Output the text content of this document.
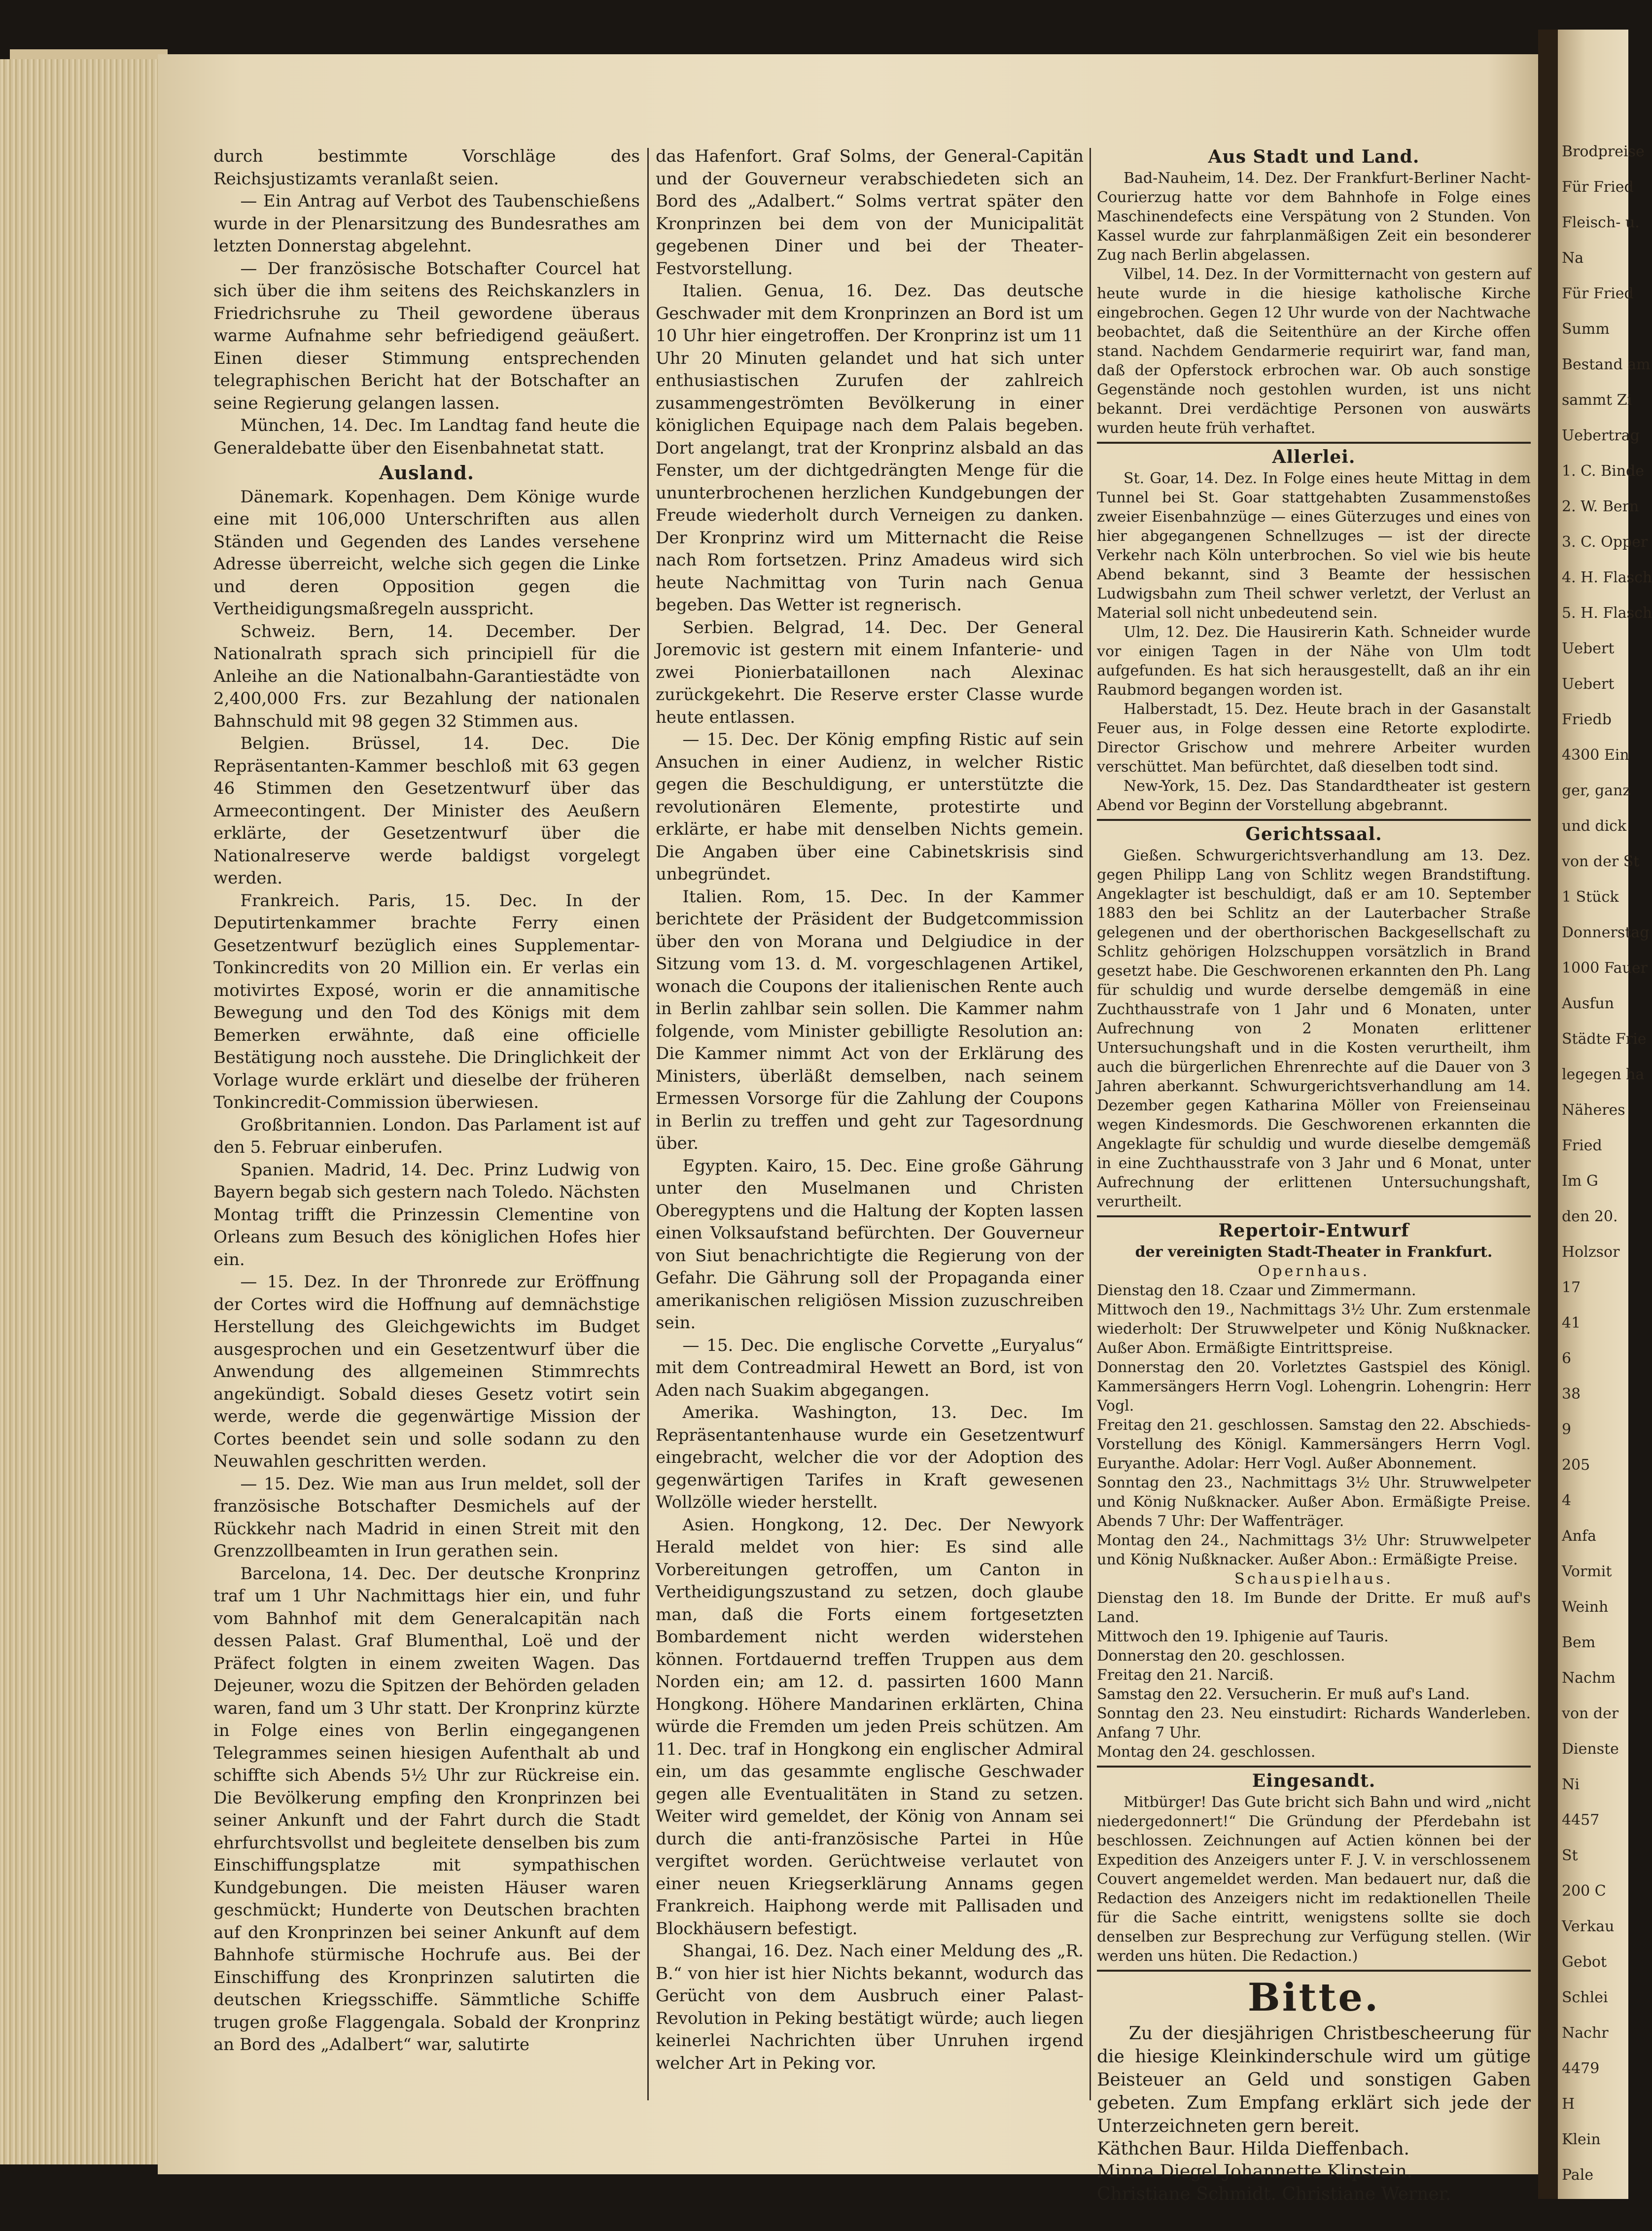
Brodpreise
Für Fried
Fleisch- u.
Na
Für Fried
Summ
Bestand am
sammt Zi
Uebertrag
1. C. Binde
2. W. Bern
3. C. Opper
4. H. Flasch
5. H. Flasch
Uebert
Uebert
Friedb
4300 Ein
ger, ganz
und dick
von der St
1 Stück
Donnerstag
1000 Fauer
Ausfun
Städte Frie
legegen ha
Näheres
Fried
Im G
den 20.
Holzsor
17
41
6
38
9
205
4
Anfa
Vormit
Weinh
Bem
Nachm
von der
Dienste
Ni
4457
St
200 C
Verkau
Gebot
Schlei
Nachr
4479
H
Klein
Pale

durch bestimmte Vorschläge des Reichsjustizamts veranlaßt seien.

— Ein Antrag auf Verbot des Taubenschießens wurde in der Plenarsitzung des Bundesrathes am letzten Donnerstag abgelehnt.

— Der französische Botschafter Courcel hat sich über die ihm seitens des Reichskanzlers in Friedrichsruhe zu Theil gewordene überaus warme Aufnahme sehr befriedigend geäußert. Einen dieser Stimmung entsprechenden telegraphischen Bericht hat der Botschafter an seine Regierung gelangen lassen.

München, 14. Dec. Im Landtag fand heute die Generaldebatte über den Eisenbahnetat statt.

Ausland.

Dänemark. Kopenhagen. Dem Könige wurde eine mit 106,000 Unterschriften aus allen Ständen und Gegenden des Landes versehene Adresse überreicht, welche sich gegen die Linke und deren Opposition gegen die Vertheidigungsmaßregeln ausspricht.

Schweiz. Bern, 14. December. Der Nationalrath sprach sich principiell für die Anleihe an die Nationalbahn-Garantiestädte von 2,400,000 Frs. zur Bezahlung der nationalen Bahnschuld mit 98 gegen 32 Stimmen aus.

Belgien. Brüssel, 14. Dec. Die Repräsentanten-Kammer beschloß mit 63 gegen 46 Stimmen den Gesetzentwurf über das Armeecontingent. Der Minister des Aeußern erklärte, der Gesetzentwurf über die Nationalreserve werde baldigst vorgelegt werden.

Frankreich. Paris, 15. Dec. In der Deputirtenkammer brachte Ferry einen Gesetzentwurf bezüglich eines Supplementar-Tonkincredits von 20 Million ein. Er verlas ein motivirtes Exposé, worin er die annamitische Bewegung und den Tod des Königs mit dem Bemerken erwähnte, daß eine officielle Bestätigung noch ausstehe. Die Dringlichkeit der Vorlage wurde erklärt und dieselbe der früheren Tonkincredit-Commission überwiesen.

Großbritannien. London. Das Parlament ist auf den 5. Februar einberufen.

Spanien. Madrid, 14. Dec. Prinz Ludwig von Bayern begab sich gestern nach Toledo. Nächsten Montag trifft die Prinzessin Clementine von Orleans zum Besuch des königlichen Hofes hier ein.

— 15. Dez. In der Thronrede zur Eröffnung der Cortes wird die Hoffnung auf demnächstige Herstellung des Gleichgewichts im Budget ausgesprochen und ein Gesetzentwurf über die Anwendung des allgemeinen Stimmrechts angekündigt. Sobald dieses Gesetz votirt sein werde, werde die gegenwärtige Mission der Cortes beendet sein und solle sodann zu den Neuwahlen geschritten werden.

— 15. Dez. Wie man aus Irun meldet, soll der französische Botschafter Desmichels auf der Rückkehr nach Madrid in einen Streit mit den Grenzzollbeamten in Irun gerathen sein.

Barcelona, 14. Dec. Der deutsche Kronprinz traf um 1 Uhr Nachmittags hier ein, und fuhr vom Bahnhof mit dem Generalcapitän nach dessen Palast. Graf Blumenthal, Loë und der Präfect folgten in einem zweiten Wagen. Das Dejeuner, wozu die Spitzen der Behörden geladen waren, fand um 3 Uhr statt. Der Kronprinz kürzte in Folge eines von Berlin eingegangenen Telegrammes seinen hiesigen Aufenthalt ab und schiffte sich Abends 5½ Uhr zur Rückreise ein. Die Bevölkerung empfing den Kronprinzen bei seiner Ankunft und der Fahrt durch die Stadt ehrfurchtsvollst und begleitete denselben bis zum Einschiffungsplatze mit sympathischen Kundgebungen. Die meisten Häuser waren geschmückt; Hunderte von Deutschen brachten auf den Kronprinzen bei seiner Ankunft auf dem Bahnhofe stürmische Hochrufe aus. Bei der Einschiffung des Kronprinzen salutirten die deutschen Kriegsschiffe. Sämmtliche Schiffe trugen große Flaggengala. Sobald der Kronprinz an Bord des „Adalbert“ war, salutirte

das Hafenfort. Graf Solms, der General-Capitän und der Gouverneur verabschiedeten sich an Bord des „Adalbert.“ Solms vertrat später den Kronprinzen bei dem von der Municipalität gegebenen Diner und bei der Theater-Festvorstellung.

Italien. Genua, 16. Dez. Das deutsche Geschwader mit dem Kronprinzen an Bord ist um 10 Uhr hier eingetroffen. Der Kronprinz ist um 11 Uhr 20 Minuten gelandet und hat sich unter enthusiastischen Zurufen der zahlreich zusammengeströmten Bevölkerung in einer königlichen Equipage nach dem Palais begeben. Dort angelangt, trat der Kronprinz alsbald an das Fenster, um der dichtgedrängten Menge für die ununterbrochenen herzlichen Kundgebungen der Freude wiederholt durch Verneigen zu danken. Der Kronprinz wird um Mitternacht die Reise nach Rom fortsetzen. Prinz Amadeus wird sich heute Nachmittag von Turin nach Genua begeben. Das Wetter ist regnerisch.

Serbien. Belgrad, 14. Dec. Der General Joremovic ist gestern mit einem Infanterie- und zwei Pionierbataillonen nach Alexinac zurückgekehrt. Die Reserve erster Classe wurde heute entlassen.

— 15. Dec. Der König empfing Ristic auf sein Ansuchen in einer Audienz, in welcher Ristic gegen die Beschuldigung, er unterstützte die revolutionären Elemente, protestirte und erklärte, er habe mit denselben Nichts gemein. Die Angaben über eine Cabinetskrisis sind unbegründet.

Italien. Rom, 15. Dec. In der Kammer berichtete der Präsident der Budgetcommission über den von Morana und Delgiudice in der Sitzung vom 13. d. M. vorgeschlagenen Artikel, wonach die Coupons der italienischen Rente auch in Berlin zahlbar sein sollen. Die Kammer nahm folgende, vom Minister gebilligte Resolution an: Die Kammer nimmt Act von der Erklärung des Ministers, überläßt demselben, nach seinem Ermessen Vorsorge für die Zahlung der Coupons in Berlin zu treffen und geht zur Tagesordnung über.

Egypten. Kairo, 15. Dec. Eine große Gährung unter den Muselmanen und Christen Oberegyptens und die Haltung der Kopten lassen einen Volksaufstand befürchten. Der Gouverneur von Siut benachrichtigte die Regierung von der Gefahr. Die Gährung soll der Propaganda einer amerikanischen religiösen Mission zuzuschreiben sein.

— 15. Dec. Die englische Corvette „Euryalus“ mit dem Contreadmiral Hewett an Bord, ist von Aden nach Suakim abgegangen.

Amerika. Washington, 13. Dec. Im Repräsentantenhause wurde ein Gesetzentwurf eingebracht, welcher die vor der Adoption des gegenwärtigen Tarifes in Kraft gewesenen Wollzölle wieder herstellt.

Asien. Hongkong, 12. Dec. Der Newyork Herald meldet von hier: Es sind alle Vorbereitungen getroffen, um Canton in Vertheidigungszustand zu setzen, doch glaube man, daß die Forts einem fortgesetzten Bombardement nicht werden widerstehen können. Fortdauernd treffen Truppen aus dem Norden ein; am 12. d. passirten 1600 Mann Hongkong. Höhere Mandarinen erklärten, China würde die Fremden um jeden Preis schützen. Am 11. Dec. traf in Hongkong ein englischer Admiral ein, um das gesammte englische Geschwader gegen alle Eventualitäten in Stand zu setzen. Weiter wird gemeldet, der König von Annam sei durch die anti-französische Partei in Hûe vergiftet worden. Gerüchtweise verlautet von einer neuen Kriegserklärung Annams gegen Frankreich. Haiphong werde mit Pallisaden und Blockhäusern befestigt.

Shangai, 16. Dez. Nach einer Meldung des „R. B.“ von hier ist hier Nichts bekannt, wodurch das Gerücht von dem Ausbruch einer Palast-Revolution in Peking bestätigt würde; auch liegen keinerlei Nachrichten über Unruhen irgend welcher Art in Peking vor.

Aus Stadt und Land.

Bad-Nauheim, 14. Dez. Der Frankfurt-Berliner Nacht-Courierzug hatte vor dem Bahnhofe in Folge eines Maschinendefects eine Verspätung von 2 Stunden. Von Kassel wurde zur fahrplanmäßigen Zeit ein besonderer Zug nach Berlin abgelassen.

Vilbel, 14. Dez. In der Vormitternacht von gestern auf heute wurde in die hiesige katholische Kirche eingebrochen. Gegen 12 Uhr wurde von der Nachtwache beobachtet, daß die Seitenthüre an der Kirche offen stand. Nachdem Gendarmerie requirirt war, fand man, daß der Opferstock erbrochen war. Ob auch sonstige Gegenstände noch gestohlen wurden, ist uns nicht bekannt. Drei verdächtige Personen von auswärts wurden heute früh verhaftet.

Allerlei.

St. Goar, 14. Dez. In Folge eines heute Mittag in dem Tunnel bei St. Goar stattgehabten Zusammenstoßes zweier Eisenbahnzüge — eines Güterzuges und eines von hier abgegangenen Schnellzuges — ist der directe Verkehr nach Köln unterbrochen. So viel wie bis heute Abend bekannt, sind 3 Beamte der hessischen Ludwigsbahn zum Theil schwer verletzt, der Verlust an Material soll nicht unbedeutend sein.

Ulm, 12. Dez. Die Hausirerin Kath. Schneider wurde vor einigen Tagen in der Nähe von Ulm todt aufgefunden. Es hat sich herausgestellt, daß an ihr ein Raubmord begangen worden ist.

Halberstadt, 15. Dez. Heute brach in der Gasanstalt Feuer aus, in Folge dessen eine Retorte explodirte. Director Grischow und mehrere Arbeiter wurden verschüttet. Man befürchtet, daß dieselben todt sind.

New-York, 15. Dez. Das Standardtheater ist gestern Abend vor Beginn der Vorstellung abgebrannt.

Gerichtssaal.

Gießen. Schwurgerichtsverhandlung am 13. Dez. gegen Philipp Lang von Schlitz wegen Brandstiftung. Angeklagter ist beschuldigt, daß er am 10. September 1883 den bei Schlitz an der Lauterbacher Straße gelegenen und der oberthorischen Backgesellschaft zu Schlitz gehörigen Holzschuppen vorsätzlich in Brand gesetzt habe. Die Geschworenen erkannten den Ph. Lang für schuldig und wurde derselbe demgemäß in eine Zuchthausstrafe von 1 Jahr und 6 Monaten, unter Aufrechnung von 2 Monaten erlittener Untersuchungshaft und in die Kosten verurtheilt, ihm auch die bürgerlichen Ehrenrechte auf die Dauer von 3 Jahren aberkannt. Schwurgerichtsverhandlung am 14. Dezember gegen Katharina Möller von Freienseinau wegen Kindesmords. Die Geschworenen erkannten die Angeklagte für schuldig und wurde dieselbe demgemäß in eine Zuchthausstrafe von 3 Jahr und 6 Monat, unter Aufrechnung der erlittenen Untersuchungshaft, verurtheilt.

Repertoir-Entwurf
der vereinigten Stadt-Theater in Frankfurt.
Opernhaus.

Dienstag den 18. Czaar und Zimmermann.

Mittwoch den 19., Nachmittags 3½ Uhr. Zum erstenmale wiederholt: Der Struwwelpeter und König Nußknacker. Außer Abon. Ermäßigte Eintrittspreise.

Donnerstag den 20. Vorletztes Gastspiel des Königl. Kammersängers Herrn Vogl. Lohengrin. Lohengrin: Herr Vogl.

Freitag den 21. geschlossen. Samstag den 22. Abschieds-Vorstellung des Königl. Kammersängers Herrn Vogl. Euryanthe. Adolar: Herr Vogl. Außer Abonnement.

Sonntag den 23., Nachmittags 3½ Uhr. Struwwelpeter und König Nußknacker. Außer Abon. Ermäßigte Preise. Abends 7 Uhr: Der Waffenträger.

Montag den 24., Nachmittags 3½ Uhr: Struwwelpeter und König Nußknacker. Außer Abon.: Ermäßigte Preise.

Schauspielhaus.

Dienstag den 18. Im Bunde der Dritte. Er muß auf's Land.

Mittwoch den 19. Iphigenie auf Tauris.

Donnerstag den 20. geschlossen.

Freitag den 21. Narciß.

Samstag den 22. Versucherin. Er muß auf's Land.

Sonntag den 23. Neu einstudirt: Richards Wanderleben. Anfang 7 Uhr.

Montag den 24. geschlossen.

Eingesandt.

Mitbürger! Das Gute bricht sich Bahn und wird „nicht niedergedonnert!“ Die Gründung der Pferdebahn ist beschlossen. Zeichnungen auf Actien können bei der Expedition des Anzeigers unter F. J. V. in verschlossenem Couvert angemeldet werden. Man bedauert nur, daß die Redaction des Anzeigers nicht im redaktionellen Theile für die Sache eintritt, wenigstens sollte sie doch denselben zur Besprechung zur Verfügung stellen. (Wir werden uns hüten. Die Redaction.)

Bitte.

Zu der diesjährigen Christbescheerung für die hiesige Kleinkinderschule wird um gütige Beisteuer an Geld und sonstigen Gaben gebeten. Zum Empfang erklärt sich jede der Unterzeichneten gern bereit.

Käthchen Baur. Hilda Dieffenbach.
Minna Diegel Johannette Klipstein.
Christiane Schmidt. Christiane Werner.
